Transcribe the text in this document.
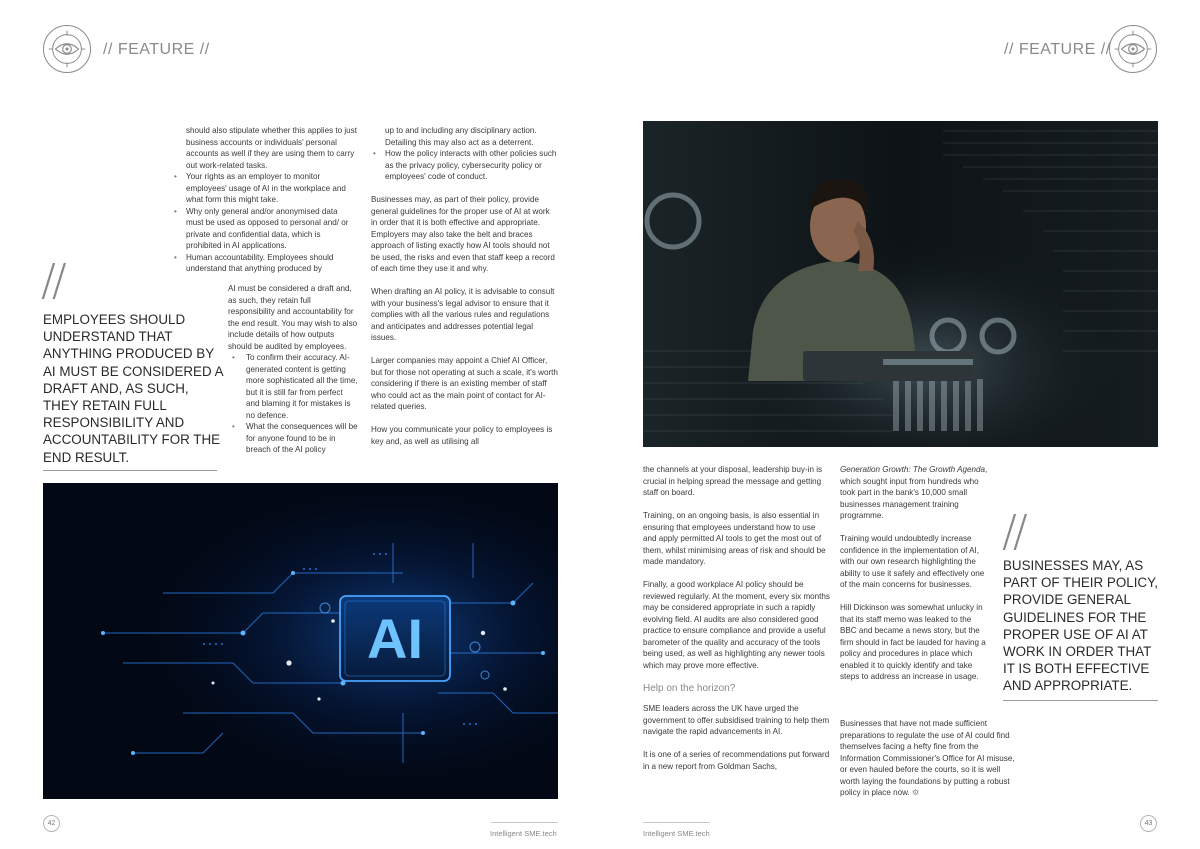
// FEATURE //
should also stipulate whether this applies to just business accounts or individuals' personal accounts as well if they are using them to carry out work-related tasks.
• Your rights as an employer to monitor employees' usage of AI in the workplace and what form this might take.
• Why only general and/or anonymised data must be used as opposed to personal and/ or private and confidential data, which is prohibited in AI applications.
• Human accountability. Employees should understand that anything produced by
AI must be considered a draft and, as such, they retain full responsibility and accountability for the end result. You may wish to also include details of how outputs should be audited by employees.
• To confirm their accuracy. AI-generated content is getting more sophisticated all the time, but it is still far from perfect and blaming it for mistakes is no defence.
• What the consequences will be for anyone found to be in breach of the AI policy
up to and including any disciplinary action. Detailing this may also act as a deterrent.
• How the policy interacts with other policies such as the privacy policy, cybersecurity policy or employees' code of conduct.

Businesses may, as part of their policy, provide general guidelines for the proper use of AI at work in order that it is both effective and appropriate. Employers may also take the belt and braces approach of listing exactly how AI tools should not be used, the risks and even that staff keep a record of each time they use it and why.

When drafting an AI policy, it is advisable to consult with your business's legal advisor to ensure that it complies with all the various rules and regulations and anticipates and addresses potential legal issues.

Larger companies may appoint a Chief AI Officer, but for those not operating at such a scale, it's worth considering if there is an existing member of staff who could act as the main point of contact for AI-related queries.

How you communicate your policy to employees is key and, as well as utilising all

//
EMPLOYEES SHOULD UNDERSTAND THAT ANYTHING PRODUCED BY AI MUST BE CONSIDERED A DRAFT AND, AS SUCH, THEY RETAIN FULL RESPONSIBILITY AND ACCOUNTABILITY FOR THE END RESULT.
AI
42
Intelligent SME.tech
// FEATURE //

the channels at your disposal, leadership buy-in is crucial in helping spread the message and getting staff on board.

Training, on an ongoing basis, is also essential in ensuring that employees understand how to use and apply permitted AI tools to get the most out of them, whilst minimising areas of risk and should be made mandatory.

Finally, a good workplace AI policy should be reviewed regularly. At the moment, every six months may be considered appropriate in such a rapidly evolving field. AI audits are also considered good practice to ensure compliance and provide a useful barometer of the quality and accuracy of the tools being used, as well as highlighting any newer tools which may prove more effective.

Help on the horizon?

SME leaders across the UK have urged the government to offer subsidised training to help them navigate the rapid advancements in AI.

It is one of a series of recommendations put forward in a new report from Goldman Sachs,

Generation Growth: The Growth Agenda, which sought input from hundreds who took part in the bank's 10,000 small businesses management training programme.

Training would undoubtedly increase confidence in the implementation of AI, with our own research highlighting the ability to use it safely and effectively one of the main concerns for businesses.

Hill Dickinson was somewhat unlucky in that its staff memo was leaked to the BBC and became a news story, but the firm should in fact be lauded for having a policy and procedures in place which enabled it to quickly identify and take steps to address an increase in usage.

Businesses that have not made sufficient preparations to regulate the use of AI could find themselves facing a hefty fine from the Information Commissioner's Office for AI misuse, or even hauled before the courts, so it is well worth laying the foundations by putting a robust policy in place now. ⚙

//
BUSINESSES MAY, AS PART OF THEIR POLICY, PROVIDE GENERAL GUIDELINES FOR THE PROPER USE OF AI AT WORK IN ORDER THAT IT IS BOTH EFFECTIVE AND APPROPRIATE.
Intelligent SME.tech
43
